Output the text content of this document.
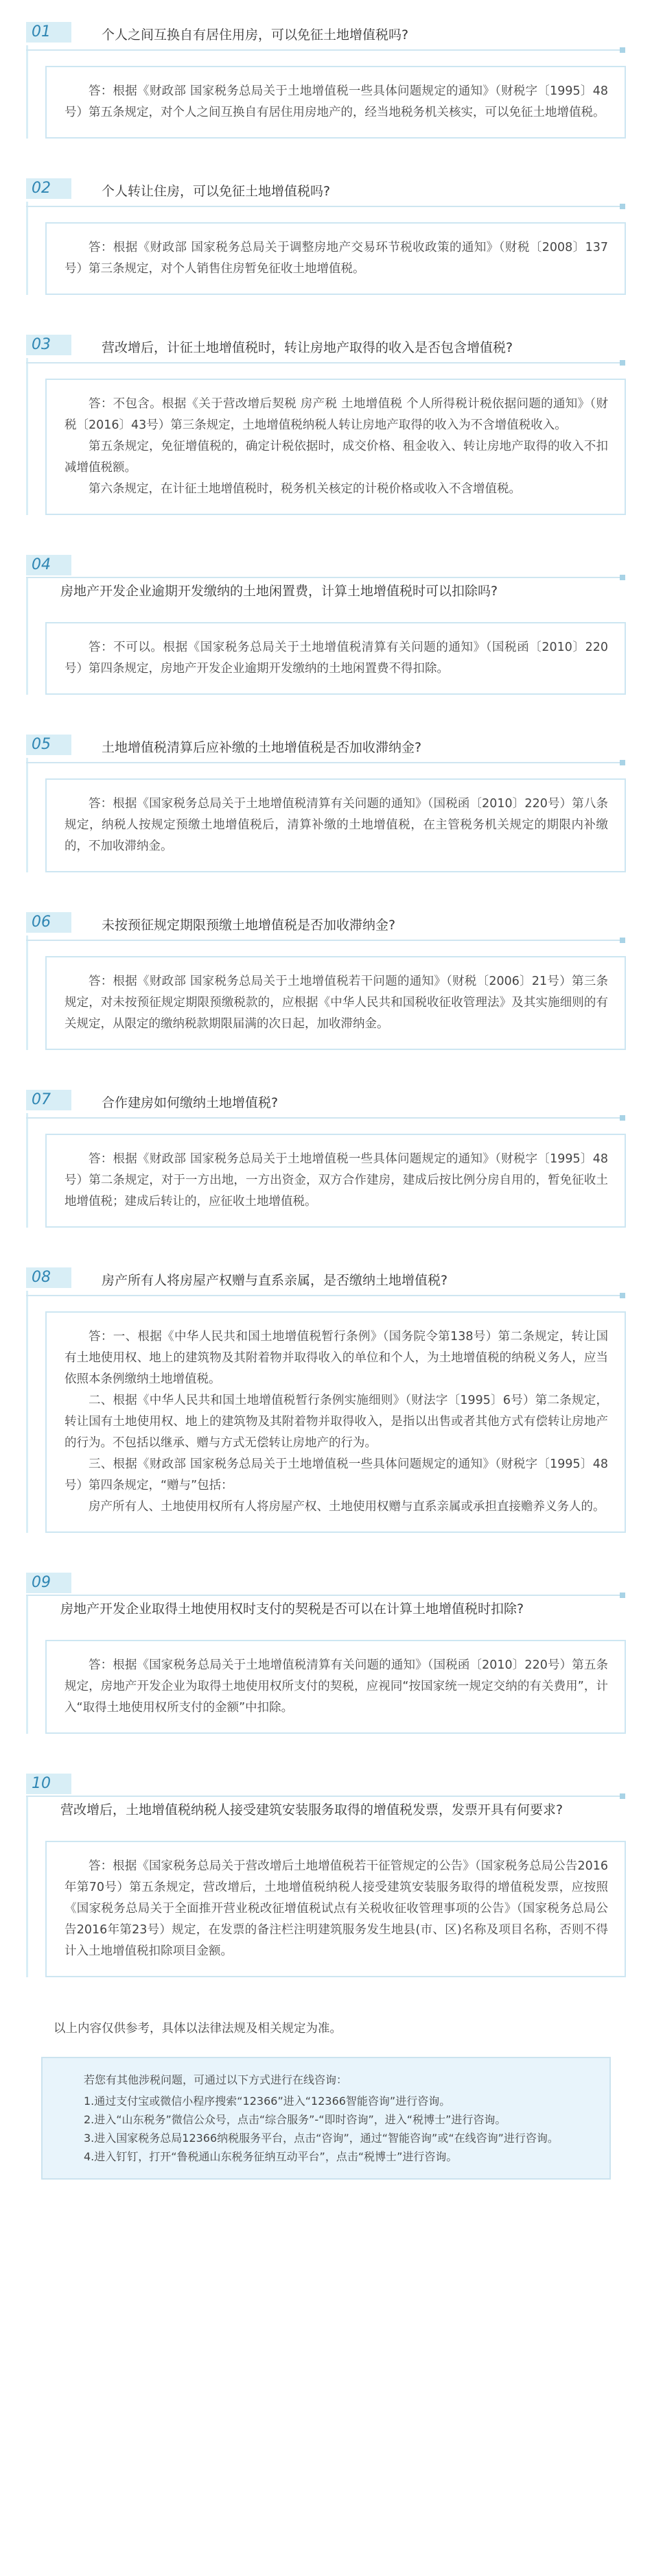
01	个人之间互换自有居住用房，可以免征土地增值税吗?

答：根据《财政部 国家税务总局关于土地增值税一些具体问题规定的通知》（财税字〔1995〕48号）第五条规定，对个人之间互换自有居住用房地产的，经当地税务机关核实，可以免征土地增值税。

02	个人转让住房，可以免征土地增值税吗?

答：根据《财政部 国家税务总局关于调整房地产交易环节税收政策的通知》（财税〔2008〕137号）第三条规定，对个人销售住房暂免征收土地增值税。

03	营改增后，计征土地增值税时，转让房地产取得的收入是否包含增值税?

答：不包含。根据《关于营改增后契税 房产税 土地增值税 个人所得税计税依据问题的通知》（财税〔2016〕43号）第三条规定，土地增值税纳税人转让房地产取得的收入为不含增值税收入。

第五条规定，免征增值税的，确定计税依据时，成交价格、租金收入、转让房地产取得的收入不扣减增值税额。

第六条规定，在计征土地增值税时，税务机关核定的计税价格或收入不含增值税。

04
房地产开发企业逾期开发缴纳的土地闲置费，计算土地增值税时可以扣除吗?

答：不可以。根据《国家税务总局关于土地增值税清算有关问题的通知》（国税函〔2010〕220号）第四条规定，房地产开发企业逾期开发缴纳的土地闲置费不得扣除。

05	土地增值税清算后应补缴的土地增值税是否加收滞纳金?

答：根据《国家税务总局关于土地增值税清算有关问题的通知》（国税函〔2010〕220号）第八条规定，纳税人按规定预缴土地增值税后，清算补缴的土地增值税，在主管税务机关规定的期限内补缴的，不加收滞纳金。

06	未按预征规定期限预缴土地增值税是否加收滞纳金?

答：根据《财政部 国家税务总局关于土地增值税若干问题的通知》（财税〔2006〕21号）第三条规定，对未按预征规定期限预缴税款的，应根据《中华人民共和国税收征收管理法》及其实施细则的有关规定，从限定的缴纳税款期限届满的次日起，加收滞纳金。

07	合作建房如何缴纳土地增值税?

答：根据《财政部 国家税务总局关于土地增值税一些具体问题规定的通知》（财税字〔1995〕48号）第二条规定，对于一方出地，一方出资金，双方合作建房，建成后按比例分房自用的，暂免征收土地增值税；建成后转让的，应征收土地增值税。

08	房产所有人将房屋产权赠与直系亲属，是否缴纳土地增值税?

答：一、根据《中华人民共和国土地增值税暂行条例》（国务院令第138号）第二条规定，转让国有土地使用权、地上的建筑物及其附着物并取得收入的单位和个人，为土地增值税的纳税义务人，应当依照本条例缴纳土地增值税。

二、根据《中华人民共和国土地增值税暂行条例实施细则》（财法字〔1995〕6号）第二条规定，转让国有土地使用权、地上的建筑物及其附着物并取得收入，是指以出售或者其他方式有偿转让房地产的行为。不包括以继承、赠与方式无偿转让房地产的行为。

三、根据《财政部 国家税务总局关于土地增值税一些具体问题规定的通知》（财税字〔1995〕48号）第四条规定，“赠与”包括：

房产所有人、土地使用权所有人将房屋产权、土地使用权赠与直系亲属或承担直接赡养义务人的。

09
房地产开发企业取得土地使用权时支付的契税是否可以在计算土地增值税时扣除?

答：根据《国家税务总局关于土地增值税清算有关问题的通知》（国税函〔2010〕220号）第五条规定，房地产开发企业为取得土地使用权所支付的契税，应视同“按国家统一规定交纳的有关费用”，计入“取得土地使用权所支付的金额”中扣除。

10
营改增后，土地增值税纳税人接受建筑安装服务取得的增值税发票，发票开具有何要求?

答：根据《国家税务总局关于营改增后土地增值税若干征管规定的公告》（国家税务总局公告2016年第70号）第五条规定，营改增后，土地增值税纳税人接受建筑安装服务取得的增值税发票，应按照《国家税务总局关于全面推开营业税改征增值税试点有关税收征收管理事项的公告》（国家税务总局公告2016年第23号）规定，在发票的备注栏注明建筑服务发生地县(市、区)名称及项目名称，否则不得计入土地增值税扣除项目金额。

以上内容仅供参考，具体以法律法规及相关规定为准。

若您有其他涉税问题，可通过以下方式进行在线咨询：

1.通过支付宝或微信小程序搜索“12366”进入“12366智能咨询”进行咨询。

2.进入“山东税务”微信公众号，点击“综合服务”-“即时咨询”，进入“税博士”进行咨询。

3.进入国家税务总局12366纳税服务平台，点击“咨询”，通过“智能咨询”或“在线咨询”进行咨询。

4.进入钉钉，打开“鲁税通山东税务征纳互动平台”，点击“税博士”进行咨询。
